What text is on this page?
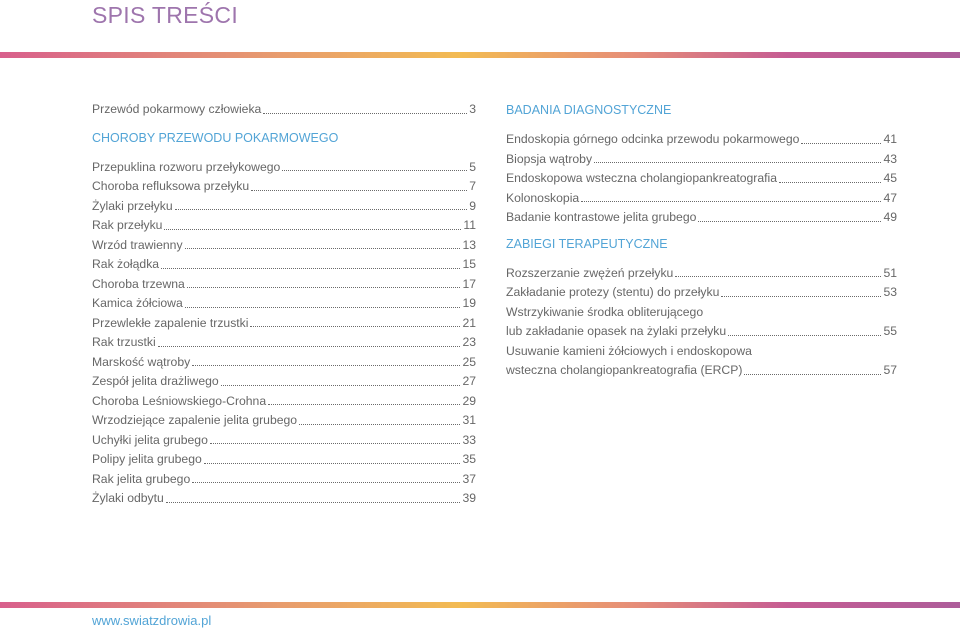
SPIS TREŚCI
Przewód pokarmowy człowieka	3
CHOROBY PRZEWODU POKARMOWEGO
Przepuklina rozworu przełykowego	5
Choroba refluksowa przełyku	7
Żylaki przełyku	9
Rak przełyku	11
Wrzód trawienny	13
Rak żołądka	15
Choroba trzewna	17
Kamica żółciowa	19
Przewlekłe zapalenie trzustki	21
Rak trzustki	23
Marskość wątroby	25
Zespół jelita drażliwego	27
Choroba Leśniowskiego-Crohna	29
Wrzodziejące zapalenie jelita grubego	31
Uchyłki jelita grubego	33
Polipy jelita grubego	35
Rak jelita grubego	37
Żylaki odbytu	39
BADANIA DIAGNOSTYCZNE
Endoskopia górnego odcinka przewodu pokarmowego	41
Biopsja wątroby	43
Endoskopowa wsteczna cholangiopankreatografia	45
Kolonoskopia	47
Badanie kontrastowe jelita grubego	49
ZABIEGI TERAPEUTYCZNE
Rozszerzanie zwężeń przełyku	51
Zakładanie protezy (stentu) do przełyku	53
Wstrzykiwanie środka obliterującego
lub zakładanie opasek na żylaki przełyku	55
Usuwanie kamieni żółciowych i endoskopowa
wsteczna cholangiopankreatografia (ERCP)	57
www.swiatzdrowia.pl
